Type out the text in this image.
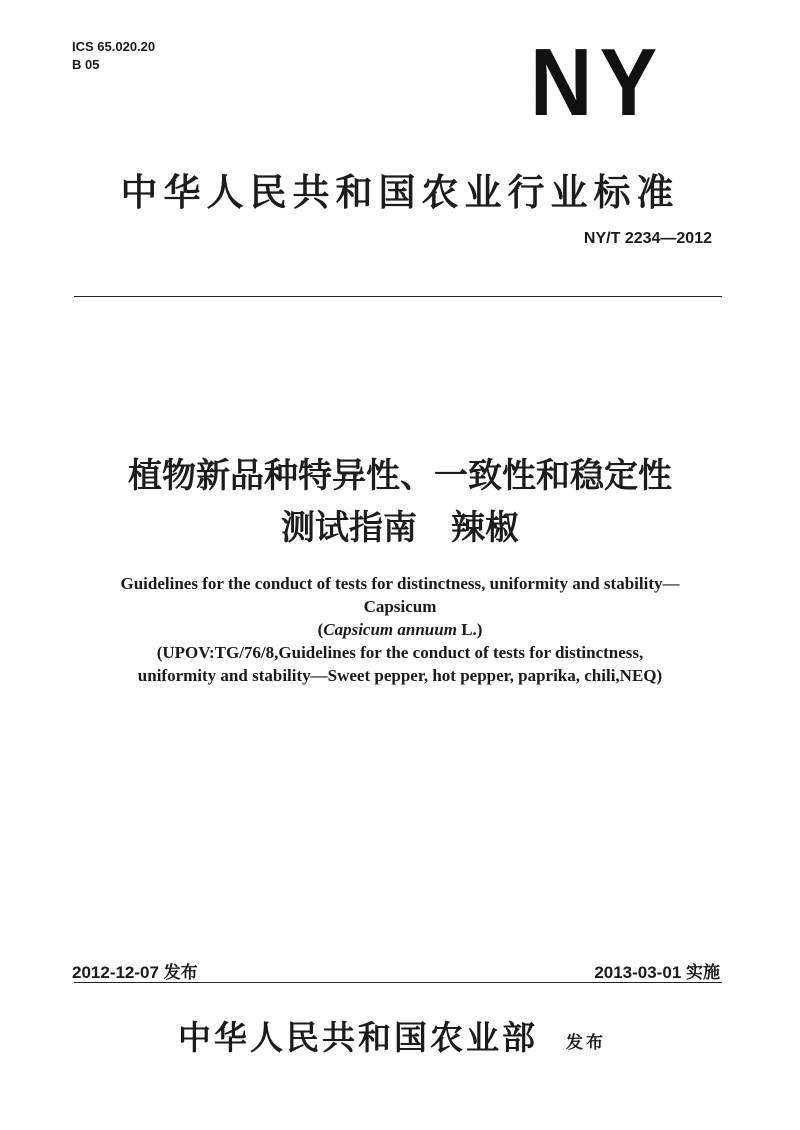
ICS 65.020.20
B 05	NY
中华人民共和国农业行业标准
NY/T 2234—2012
植物新品种特异性、一致性和稳定性
测试指南　辣椒
Guidelines for the conduct of tests for distinctness, uniformity and stability—
Capsicum
(Capsicum annuum L.)
(UPOV:TG/76/8,Guidelines for the conduct of tests for distinctness,
uniformity and stability—Sweet pepper, hot pepper, paprika, chili,NEQ)
2012-12-07 发布	2013-03-01 实施
中华人民共和国农业部 发布
